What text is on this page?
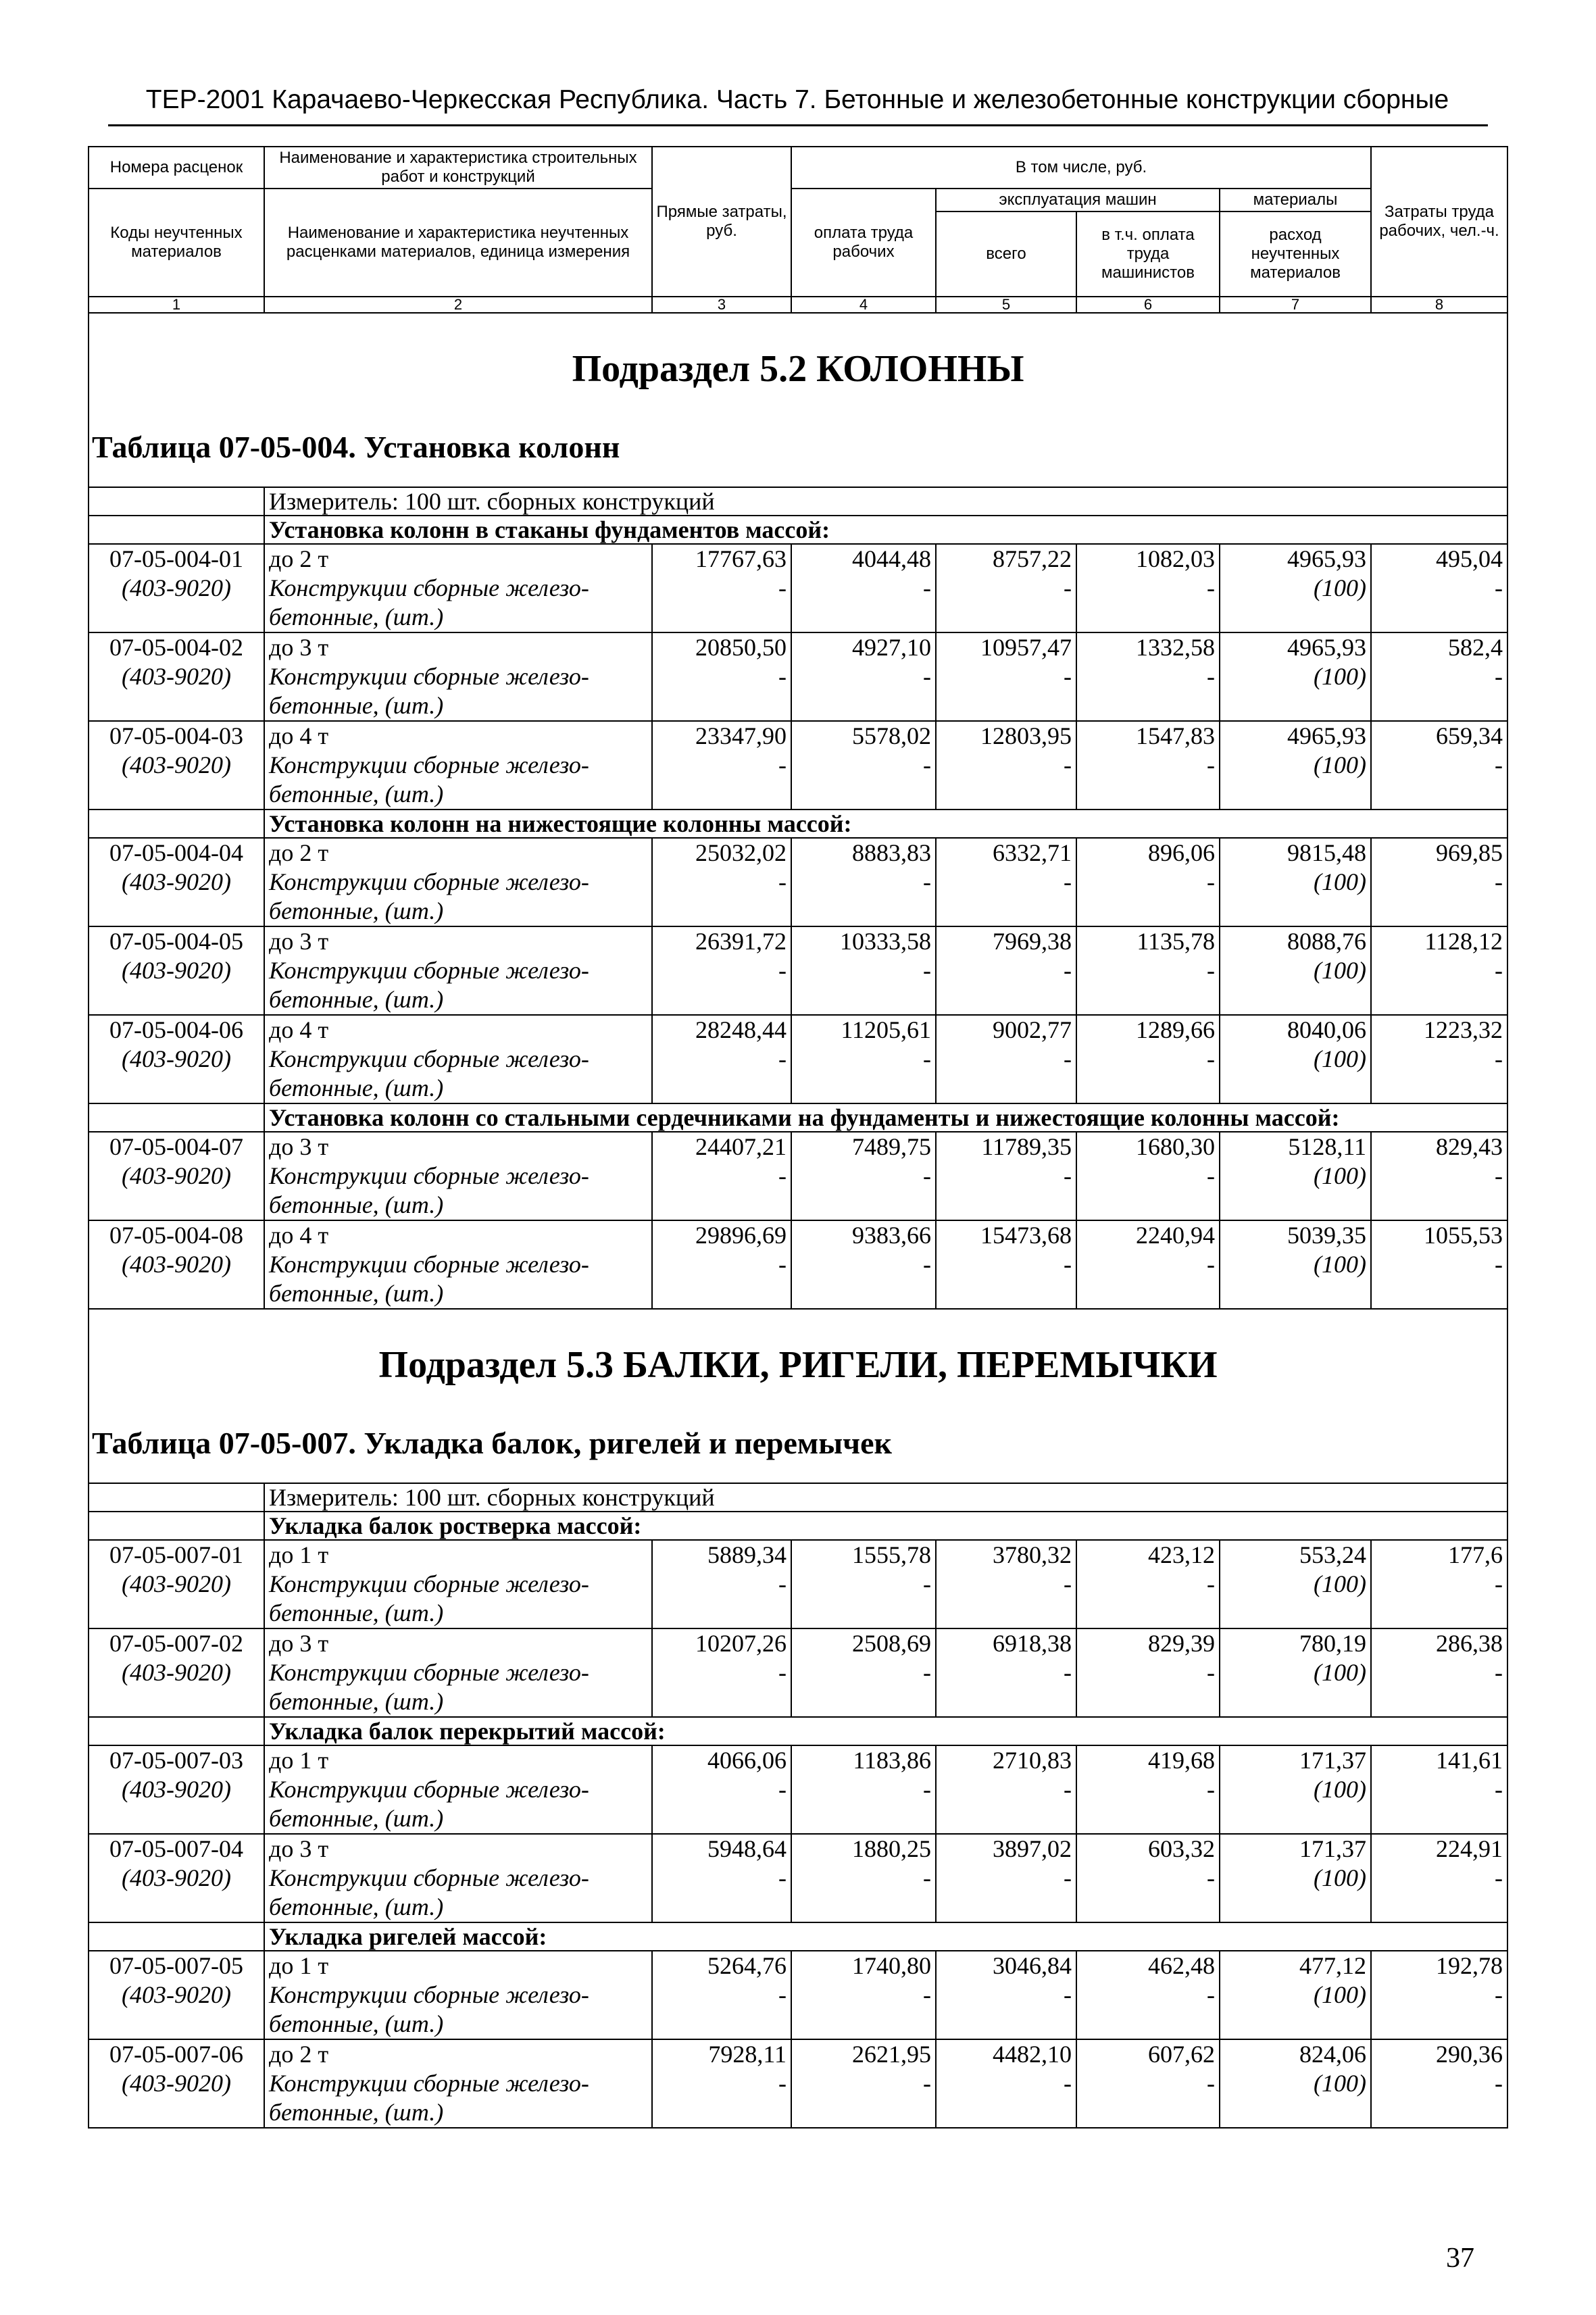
ТЕР-2001 Карачаево-Черкесская Республика. Часть 7. Бетонные и железобетонные конструкции сборные
Номера расценок	Наименование и характеристика строительных работ и конструкций	Прямые затраты, руб.	В том числе, руб.				Затраты труда рабочих, чел.-ч.
Коды неучтенных материалов	Наименование и характеристика неучтенных расценками материалов, единица измерения		оплата труда рабочих	эксплуатация машин		материалы	
				всего	в т.ч. оплата труда машинистов	расход неучтенных материалов	
1	2	3	4	5	6	7	8
Подраздел 5.2 КОЛОННЫ							
Таблица 07-05-004. Установка колонн							
	Измеритель: 100 шт. сборных конструкций						
	Установка колонн в стаканы фундаментов массой:						
07-05-004-01	до 2 т	17767,63	4044,48	8757,22	1082,03	4965,93	495,04
(403-9020)	Конструкции сборные железо-	-	-	-	-	(100)	-
	бетонные, (шт.)						
07-05-004-02	до 3 т	20850,50	4927,10	10957,47	1332,58	4965,93	582,4
(403-9020)	Конструкции сборные железо-	-	-	-	-	(100)	-
	бетонные, (шт.)						
07-05-004-03	до 4 т	23347,90	5578,02	12803,95	1547,83	4965,93	659,34
(403-9020)	Конструкции сборные железо-	-	-	-	-	(100)	-
	бетонные, (шт.)						
	Установка колонн на нижестоящие колонны массой:						
07-05-004-04	до 2 т	25032,02	8883,83	6332,71	896,06	9815,48	969,85
(403-9020)	Конструкции сборные железо-	-	-	-	-	(100)	-
	бетонные, (шт.)						
07-05-004-05	до 3 т	26391,72	10333,58	7969,38	1135,78	8088,76	1128,12
(403-9020)	Конструкции сборные железо-	-	-	-	-	(100)	-
	бетонные, (шт.)						
07-05-004-06	до 4 т	28248,44	11205,61	9002,77	1289,66	8040,06	1223,32
(403-9020)	Конструкции сборные железо-	-	-	-	-	(100)	-
	бетонные, (шт.)						
	Установка колонн со стальными сердечниками на фундаменты и нижестоящие колонны массой:						
07-05-004-07	до 3 т	24407,21	7489,75	11789,35	1680,30	5128,11	829,43
(403-9020)	Конструкции сборные железо-	-	-	-	-	(100)	-
	бетонные, (шт.)						
07-05-004-08	до 4 т	29896,69	9383,66	15473,68	2240,94	5039,35	1055,53
(403-9020)	Конструкции сборные железо-	-	-	-	-	(100)	-
	бетонные, (шт.)						
Подраздел 5.3 БАЛКИ, РИГЕЛИ, ПЕРЕМЫЧКИ							
Таблица 07-05-007. Укладка балок, ригелей и перемычек							
	Измеритель: 100 шт. сборных конструкций						
	Укладка балок ростверка массой:						
07-05-007-01	до 1 т	5889,34	1555,78	3780,32	423,12	553,24	177,6
(403-9020)	Конструкции сборные железо-	-	-	-	-	(100)	-
	бетонные, (шт.)						
07-05-007-02	до 3 т	10207,26	2508,69	6918,38	829,39	780,19	286,38
(403-9020)	Конструкции сборные железо-	-	-	-	-	(100)	-
	бетонные, (шт.)						
	Укладка балок перекрытий массой:						
07-05-007-03	до 1 т	4066,06	1183,86	2710,83	419,68	171,37	141,61
(403-9020)	Конструкции сборные железо-	-	-	-	-	(100)	-
	бетонные, (шт.)						
07-05-007-04	до 3 т	5948,64	1880,25	3897,02	603,32	171,37	224,91
(403-9020)	Конструкции сборные железо-	-	-	-	-	(100)	-
	бетонные, (шт.)						
	Укладка ригелей массой:						
07-05-007-05	до 1 т	5264,76	1740,80	3046,84	462,48	477,12	192,78
(403-9020)	Конструкции сборные железо-	-	-	-	-	(100)	-
	бетонные, (шт.)						
07-05-007-06	до 2 т	7928,11	2621,95	4482,10	607,62	824,06	290,36
(403-9020)	Конструкции сборные железо-	-	-	-	-	(100)	-
	бетонные, (шт.)						
37
